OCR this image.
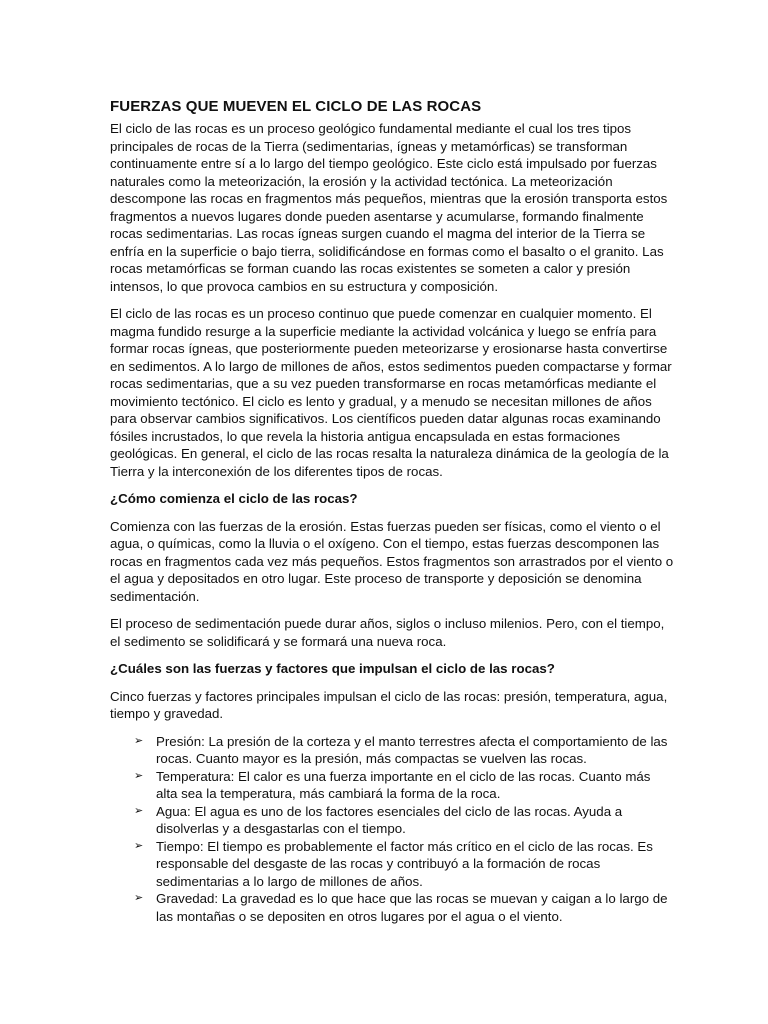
FUERZAS QUE MUEVEN EL CICLO DE LAS ROCAS

El ciclo de las rocas es un proceso geológico fundamental mediante el cual los tres tipos principales de rocas de la Tierra (sedimentarias, ígneas y metamórficas) se transforman continuamente entre sí a lo largo del tiempo geológico. Este ciclo está impulsado por fuerzas naturales como la meteorización, la erosión y la actividad tectónica. La meteorización descompone las rocas en fragmentos más pequeños, mientras que la erosión transporta estos fragmentos a nuevos lugares donde pueden asentarse y acumularse, formando finalmente rocas sedimentarias. Las rocas ígneas surgen cuando el magma del interior de la Tierra se enfría en la superficie o bajo tierra, solidificándose en formas como el basalto o el granito. Las rocas metamórficas se forman cuando las rocas existentes se someten a calor y presión intensos, lo que provoca cambios en su estructura y composición.

El ciclo de las rocas es un proceso continuo que puede comenzar en cualquier momento. El magma fundido resurge a la superficie mediante la actividad volcánica y luego se enfría para formar rocas ígneas, que posteriormente pueden meteorizarse y erosionarse hasta convertirse en sedimentos. A lo largo de millones de años, estos sedimentos pueden compactarse y formar rocas sedimentarias, que a su vez pueden transformarse en rocas metamórficas mediante el movimiento tectónico. El ciclo es lento y gradual, y a menudo se necesitan millones de años para observar cambios significativos. Los científicos pueden datar algunas rocas examinando fósiles incrustados, lo que revela la historia antigua encapsulada en estas formaciones geológicas. En general, el ciclo de las rocas resalta la naturaleza dinámica de la geología de la Tierra y la interconexión de los diferentes tipos de rocas.

¿Cómo comienza el ciclo de las rocas?

Comienza con las fuerzas de la erosión. Estas fuerzas pueden ser físicas, como el viento o el agua, o químicas, como la lluvia o el oxígeno. Con el tiempo, estas fuerzas descomponen las rocas en fragmentos cada vez más pequeños. Estos fragmentos son arrastrados por el viento o el agua y depositados en otro lugar. Este proceso de transporte y deposición se denomina sedimentación.

El proceso de sedimentación puede durar años, siglos o incluso milenios. Pero, con el tiempo, el sedimento se solidificará y se formará una nueva roca.

¿Cuáles son las fuerzas y factores que impulsan el ciclo de las rocas?

Cinco fuerzas y factores principales impulsan el ciclo de las rocas: presión, temperatura, agua, tiempo y gravedad.

➢ Presión: La presión de la corteza y el manto terrestres afecta el comportamiento de las rocas. Cuanto mayor es la presión, más compactas se vuelven las rocas.
➢ Temperatura: El calor es una fuerza importante en el ciclo de las rocas. Cuanto más alta sea la temperatura, más cambiará la forma de la roca.
➢ Agua: El agua es uno de los factores esenciales del ciclo de las rocas. Ayuda a disolverlas y a desgastarlas con el tiempo.
➢ Tiempo: El tiempo es probablemente el factor más crítico en el ciclo de las rocas. Es responsable del desgaste de las rocas y contribuyó a la formación de rocas sedimentarias a lo largo de millones de años.
➢ Gravedad: La gravedad es lo que hace que las rocas se muevan y caigan a lo largo de las montañas o se depositen en otros lugares por el agua o el viento.
